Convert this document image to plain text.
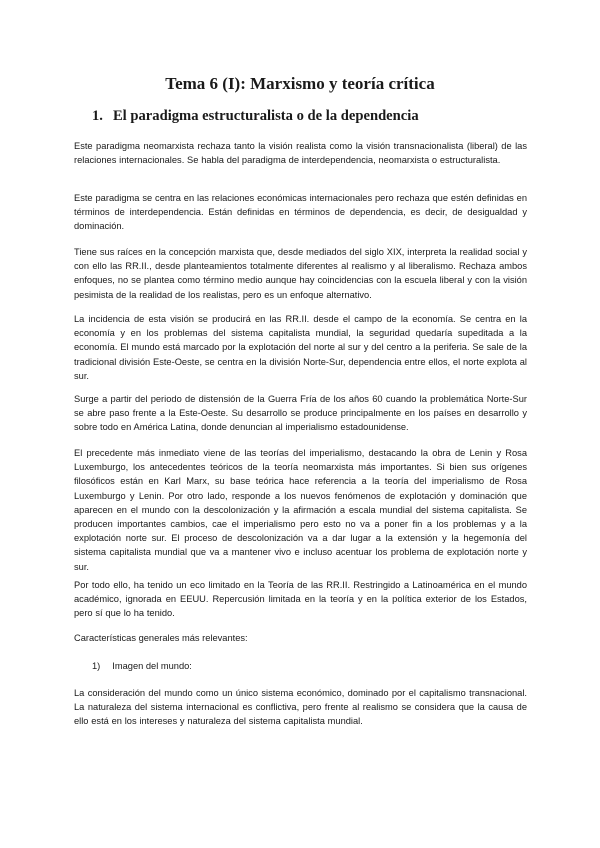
Tema 6 (I): Marxismo y teoría crítica
1. El paradigma estructuralista o de la dependencia

Este paradigma neomarxista rechaza tanto la visión realista como la visión transnacionalista (liberal) de las relaciones internacionales. Se habla del paradigma de interdependencia, neomarxista o estructuralista.

Este paradigma se centra en las relaciones económicas internacionales pero rechaza que estén definidas en términos de interdependencia. Están definidas en términos de dependencia, es decir, de desigualdad y dominación.

Tiene sus raíces en la concepción marxista que, desde mediados del siglo XIX, interpreta la realidad social y con ello las RR.II., desde planteamientos totalmente diferentes al realismo y al liberalismo. Rechaza ambos enfoques, no se plantea como término medio aunque hay coincidencias con la escuela liberal y con la visión pesimista de la realidad de los realistas, pero es un enfoque alternativo.

La incidencia de esta visión se producirá en las RR.II. desde el campo de la economía. Se centra en la economía y en los problemas del sistema capitalista mundial, la seguridad quedaría supeditada a la economía. El mundo está marcado por la explotación del norte al sur y del centro a la periferia. Se sale de la tradicional división Este-Oeste, se centra en la división Norte-Sur, dependencia entre ellos, el norte explota al sur.

Surge a partir del periodo de distensión de la Guerra Fría de los años 60 cuando la problemática Norte-Sur se abre paso frente a la Este-Oeste. Su desarrollo se produce principalmente en los países en desarrollo y sobre todo en América Latina, donde denuncian al imperialismo estadounidense.

El precedente más inmediato viene de las teorías del imperialismo, destacando la obra de Lenin y Rosa Luxemburgo, los antecedentes teóricos de la teoría neomarxista más importantes. Si bien sus orígenes filosóficos están en Karl Marx, su base teórica hace referencia a la teoría del imperialismo de Rosa Luxemburgo y Lenin. Por otro lado, responde a los nuevos fenómenos de explotación y dominación que aparecen en el mundo con la descolonización y la afirmación a escala mundial del sistema capitalista. Se producen importantes cambios, cae el imperialismo pero esto no va a poner fin a los problemas y a la explotación norte sur. El proceso de descolonización va a dar lugar a la extensión y la hegemonía del sistema capitalista mundial que va a mantener vivo e incluso acentuar los problema de explotación norte y sur.

Por todo ello, ha tenido un eco limitado en la Teoría de las RR.II. Restringido a Latinoamérica en el mundo académico, ignorada en EEUU. Repercusión limitada en la teoría y en la política exterior de los Estados, pero sí que lo ha tenido.

Características generales más relevantes:

1) Imagen del mundo:

La consideración del mundo como un único sistema económico, dominado por el capitalismo transnacional. La naturaleza del sistema internacional es conflictiva, pero frente al realismo se considera que la causa de ello está en los intereses y naturaleza del sistema capitalista mundial.
